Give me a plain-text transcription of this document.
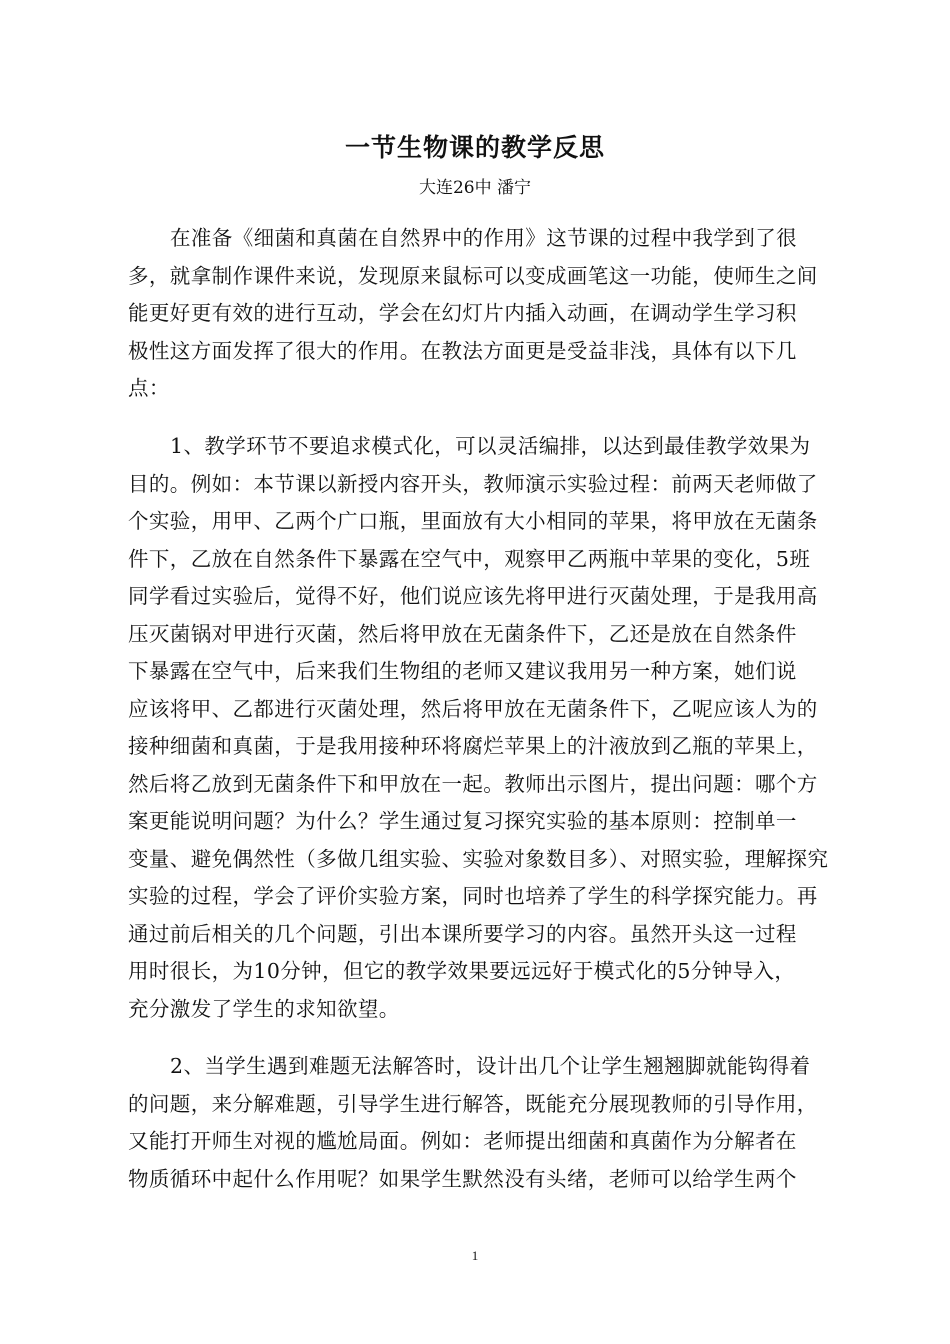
一节生物课的教学反思
大连26中 潘宁
在准备《细菌和真菌在自然界中的作用》这节课的过程中我学到了很
多，就拿制作课件来说，发现原来鼠标可以变成画笔这一功能，使师生之间
能更好更有效的进行互动，学会在幻灯片内插入动画，在调动学生学习积
极性这方面发挥了很大的作用。在教法方面更是受益非浅，具体有以下几
点：
1、教学环节不要追求模式化，可以灵活编排，以达到最佳教学效果为
目的。例如：本节课以新授内容开头，教师演示实验过程：前两天老师做了
个实验，用甲、乙两个广口瓶，里面放有大小相同的苹果，将甲放在无菌条
件下，乙放在自然条件下暴露在空气中，观察甲乙两瓶中苹果的变化，5班
同学看过实验后，觉得不好，他们说应该先将甲进行灭菌处理，于是我用高
压灭菌锅对甲进行灭菌，然后将甲放在无菌条件下，乙还是放在自然条件
下暴露在空气中，后来我们生物组的老师又建议我用另一种方案，她们说
应该将甲、乙都进行灭菌处理，然后将甲放在无菌条件下，乙呢应该人为的
接种细菌和真菌，于是我用接种环将腐烂苹果上的汁液放到乙瓶的苹果上，
然后将乙放到无菌条件下和甲放在一起。教师出示图片，提出问题：哪个方
案更能说明问题？为什么？学生通过复习探究实验的基本原则：控制单一
变量、避免偶然性（多做几组实验、实验对象数目多）、对照实验，理解探究
实验的过程，学会了评价实验方案，同时也培养了学生的科学探究能力。再
通过前后相关的几个问题，引出本课所要学习的内容。虽然开头这一过程
用时很长，为10分钟，但它的教学效果要远远好于模式化的5分钟导入，
充分激发了学生的求知欲望。
2、当学生遇到难题无法解答时，设计出几个让学生翘翘脚就能钩得着
的问题，来分解难题，引导学生进行解答，既能充分展现教师的引导作用，
又能打开师生对视的尴尬局面。例如：老师提出细菌和真菌作为分解者在
物质循环中起什么作用呢？如果学生默然没有头绪，老师可以给学生两个
1
